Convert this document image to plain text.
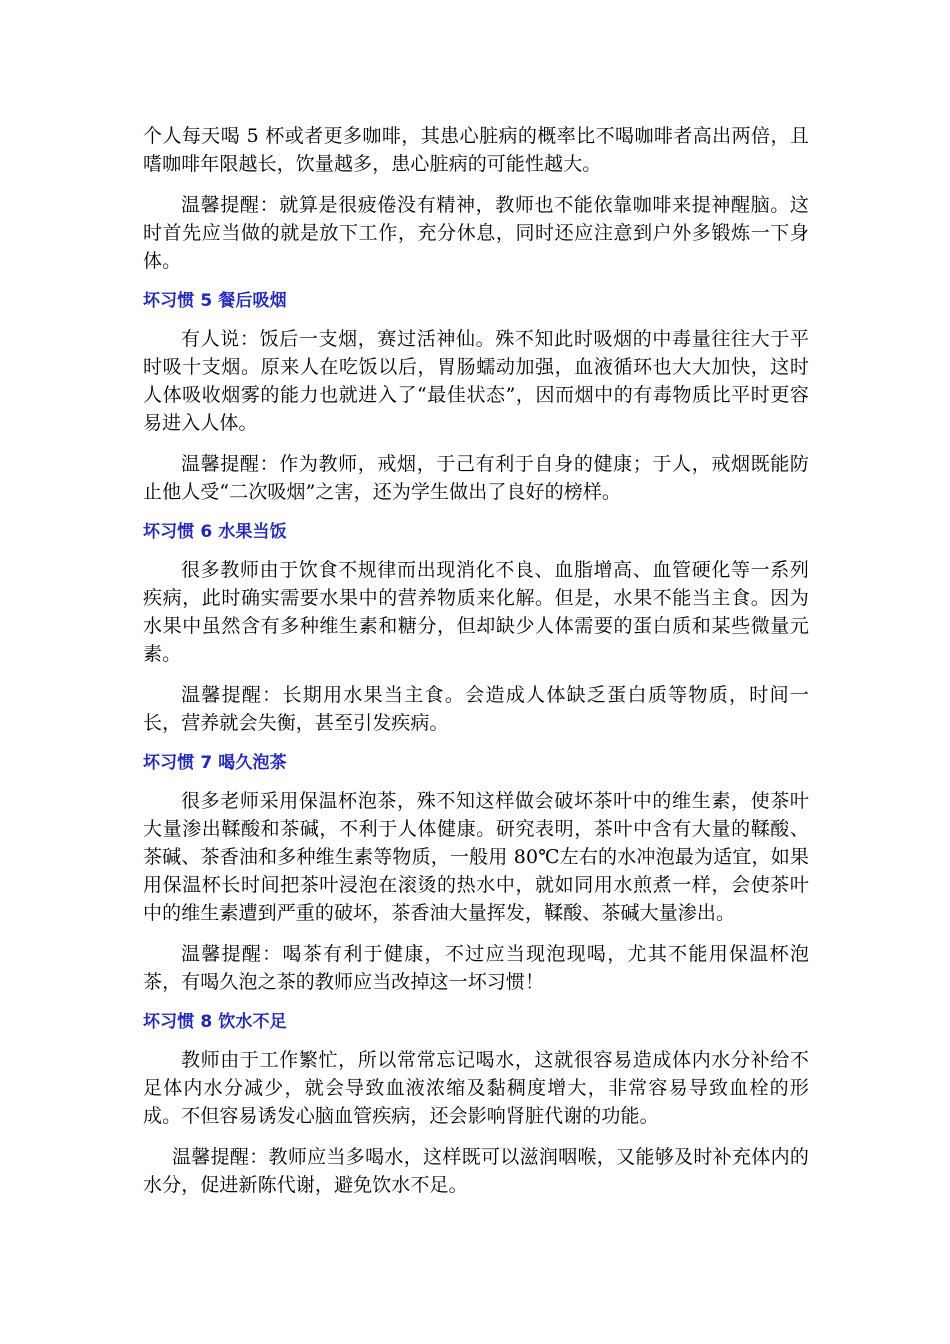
个人每天喝 5 杯或者更多咖啡，其患心脏病的概率比不喝咖啡者高出两倍，且嗜咖啡年限越长，饮量越多，患心脏病的可能性越大。

温馨提醒：就算是很疲倦没有精神，教师也不能依靠咖啡来提神醒脑。这时首先应当做的就是放下工作，充分休息，同时还应注意到户外多锻炼一下身体。

坏习惯 5 餐后吸烟

有人说：饭后一支烟，赛过活神仙。殊不知此时吸烟的中毒量往往大于平时吸十支烟。原来人在吃饭以后，胃肠蠕动加强，血液循环也大大加快，这时人体吸收烟雾的能力也就进入了“最佳状态”，因而烟中的有毒物质比平时更容易进入人体。

温馨提醒：作为教师，戒烟，于己有利于自身的健康；于人，戒烟既能防止他人受“二次吸烟”之害，还为学生做出了良好的榜样。

坏习惯 6 水果当饭

很多教师由于饮食不规律而出现消化不良、血脂增高、血管硬化等一系列疾病，此时确实需要水果中的营养物质来化解。但是，水果不能当主食。因为水果中虽然含有多种维生素和糖分，但却缺少人体需要的蛋白质和某些微量元素。

温馨提醒：长期用水果当主食。会造成人体缺乏蛋白质等物质，时间一长，营养就会失衡，甚至引发疾病。

坏习惯 7 喝久泡茶

很多老师采用保温杯泡茶，殊不知这样做会破坏茶叶中的维生素，使茶叶大量渗出鞣酸和茶碱，不利于人体健康。研究表明，茶叶中含有大量的鞣酸、茶碱、茶香油和多种维生素等物质，一般用 80℃左右的水冲泡最为适宜，如果用保温杯长时间把茶叶浸泡在滚烫的热水中，就如同用水煎煮一样，会使茶叶中的维生素遭到严重的破坏，茶香油大量挥发，鞣酸、茶碱大量渗出。

温馨提醒：喝茶有利于健康，不过应当现泡现喝，尤其不能用保温杯泡茶，有喝久泡之茶的教师应当改掉这一坏习惯！

坏习惯 8 饮水不足

教师由于工作繁忙，所以常常忘记喝水，这就很容易造成体内水分补给不足体内水分减少，就会导致血液浓缩及黏稠度增大，非常容易导致血栓的形成。不但容易诱发心脑血管疾病，还会影响肾脏代谢的功能。

温馨提醒：教师应当多喝水，这样既可以滋润咽喉，又能够及时补充体内的水分，促进新陈代谢，避免饮水不足。
